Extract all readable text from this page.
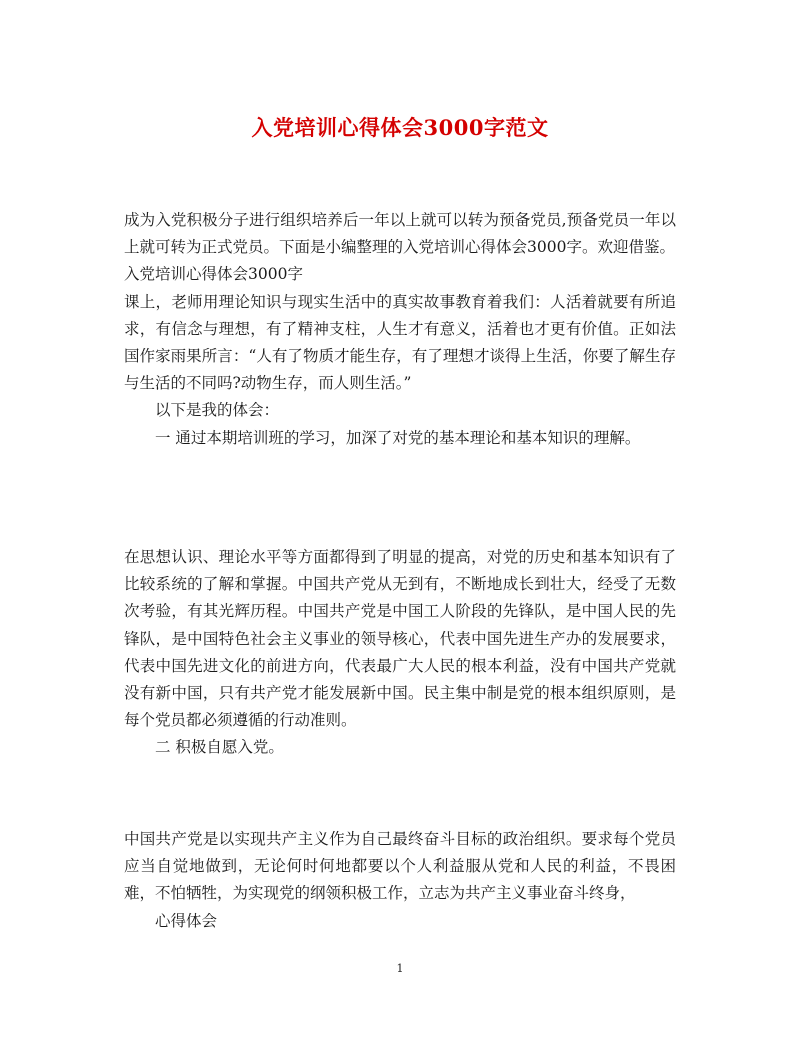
入党培训心得体会3000字范文

成为入党积极分子进行组织培养后一年以上就可以转为预备党员,预备党员一年以上就可转为正式党员。下面是小编整理的入党培训心得体会3000字。欢迎借鉴。

入党培训心得体会3000字

课上，老师用理论知识与现实生活中的真实故事教育着我们：人活着就要有所追求，有信念与理想，有了精神支柱，人生才有意义，活着也才更有价值。正如法国作家雨果所言：“人有了物质才能生存，有了理想才谈得上生活，你要了解生存与生活的不同吗?动物生存，而人则生活。”

以下是我的体会：

一 通过本期培训班的学习，加深了对党的基本理论和基本知识的理解。

在思想认识、理论水平等方面都得到了明显的提高，对党的历史和基本知识有了比较系统的了解和掌握。中国共产党从无到有，不断地成长到壮大，经受了无数次考验，有其光辉历程。中国共产党是中国工人阶段的先锋队，是中国人民的先锋队，是中国特色社会主义事业的领导核心，代表中国先进生产办的发展要求，代表中国先进文化的前进方向，代表最广大人民的根本利益，没有中国共产党就没有新中国，只有共产党才能发展新中国。民主集中制是党的根本组织原则，是每个党员都必须遵循的行动准则。

二 积极自愿入党。

中国共产党是以实现共产主义作为自己最终奋斗目标的政治组织。要求每个党员应当自觉地做到，无论何时何地都要以个人利益服从党和人民的利益，不畏困难，不怕牺牲，为实现党的纲领积极工作，立志为共产主义事业奋斗终身，

心得体会

1
